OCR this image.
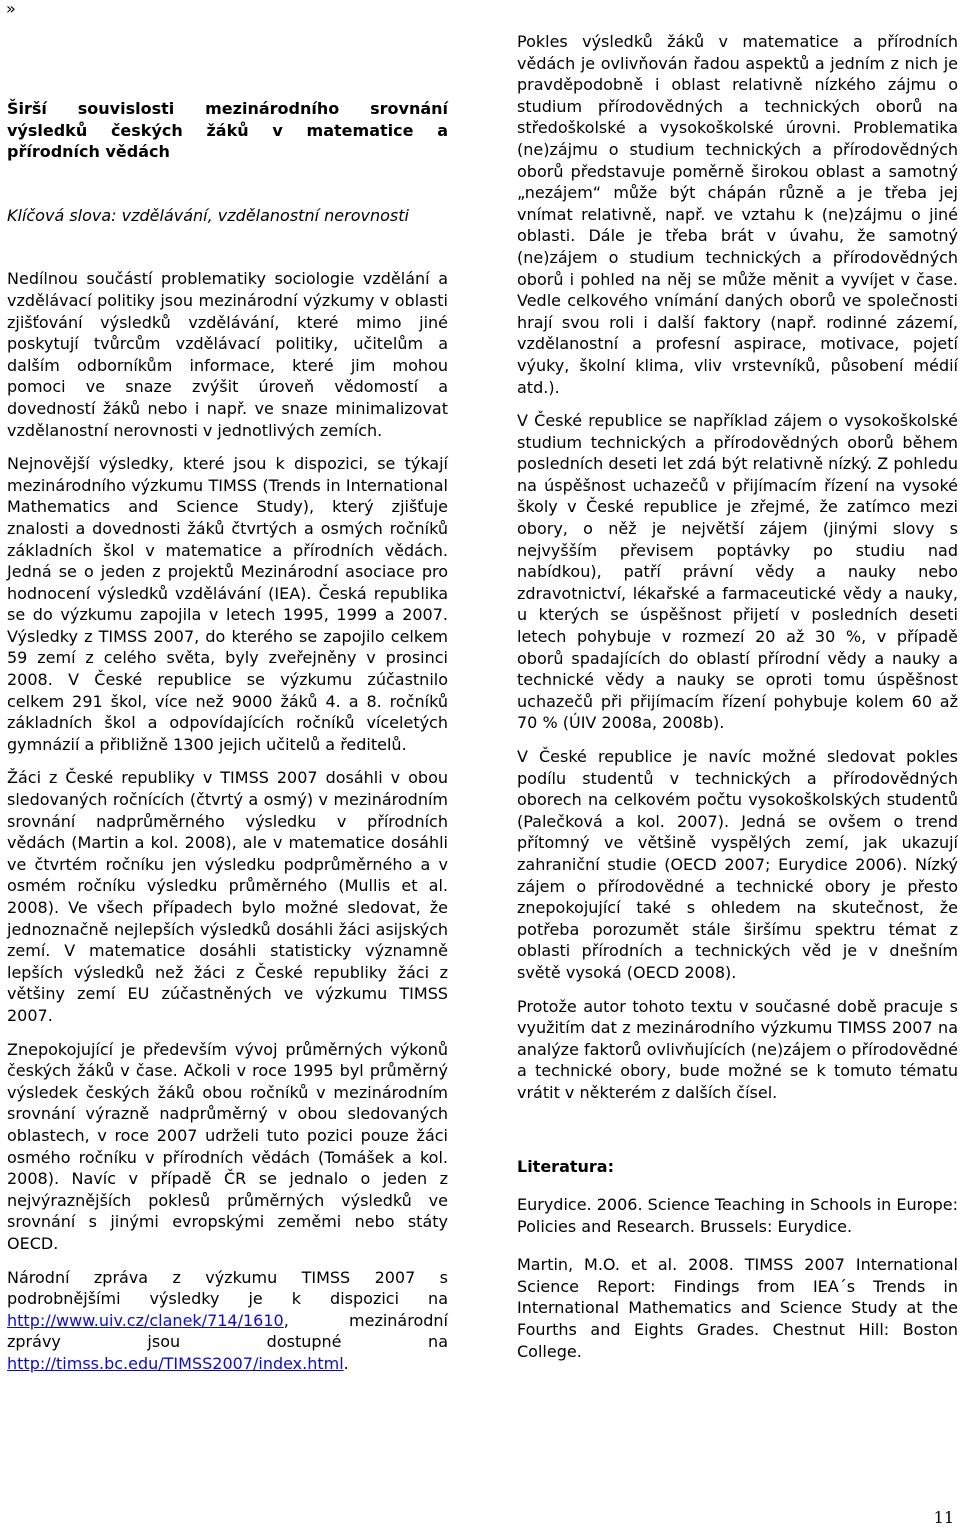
»

Širší souvislosti mezinárodního srovnání výsledků českých žáků v matematice a přírodních vědách

Klíčová slova: vzdělávání, vzdělanostní nerovnosti

Nedílnou součástí problematiky sociologie vzdělání a vzdělávací politiky jsou mezinárodní výzkumy v oblasti zjišťování výsledků vzdělávání, které mimo jiné poskytují tvůrcům vzdělávací politiky, učitelům a dalším odborníkům informace, které jim mohou pomoci ve snaze zvýšit úroveň vědomostí a dovedností žáků nebo i např. ve snaze minimalizovat vzdělanostní nerovnosti v jednotlivých zemích.

Nejnovější výsledky, které jsou k dispozici, se týkají mezinárodního výzkumu TIMSS (Trends in International Mathematics and Science Study), který zjišťuje znalosti a dovednosti žáků čtvrtých a osmých ročníků základních škol v matematice a přírodních vědách. Jedná se o jeden z projektů Mezinárodní asociace pro hodnocení výsledků vzdělávání (IEA). Česká republika se do výzkumu zapojila v letech 1995, 1999 a 2007. Výsledky z TIMSS 2007, do kterého se zapojilo celkem 59 zemí z celého světa, byly zveřejněny v prosinci 2008. V České republice se výzkumu zúčastnilo celkem 291 škol, více než 9000 žáků 4. a 8. ročníků základních škol a odpovídajících ročníků víceletých gymnázií a přibližně 1300 jejich učitelů a ředitelů.

Žáci z České republiky v TIMSS 2007 dosáhli v obou sledovaných ročnících (čtvrtý a osmý) v mezinárodním srovnání nadprůměrného výsledku v přírodních vědách (Martin a kol. 2008), ale v matematice dosáhli ve čtvrtém ročníku jen výsledku podprůměrného a v osmém ročníku výsledku průměrného (Mullis et al. 2008). Ve všech případech bylo možné sledovat, že jednoznačně nejlepších výsledků dosáhli žáci asijských zemí. V matematice dosáhli statisticky významně lepších výsledků než žáci z České republiky žáci z většiny zemí EU zúčastněných ve výzkumu TIMSS 2007.

Znepokojující je především vývoj průměrných výkonů českých žáků v čase. Ačkoli v roce 1995 byl průměrný výsledek českých žáků obou ročníků v mezinárodním srovnání výrazně nadprůměrný v obou sledovaných oblastech, v roce 2007 udrželi tuto pozici pouze žáci osmého ročníku v přírodních vědách (Tomášek a kol. 2008). Navíc v případě ČR se jednalo o jeden z nejvýraznějších poklesů průměrných výsledků ve srovnání s jinými evropskými zeměmi nebo státy OECD.

Národní zpráva z výzkumu TIMSS 2007 s podrobnějšími výsledky je k dispozici na http://www.uiv.cz/clanek/714/1610, mezinárodní zprávy jsou dostupné na http://timss.bc.edu/TIMSS2007/index.html.

Pokles výsledků žáků v matematice a přírodních vědách je ovlivňován řadou aspektů a jedním z nich je pravděpodobně i oblast relativně nízkého zájmu o studium přírodovědných a technických oborů na středoškolské a vysokoškolské úrovni. Problematika (ne)zájmu o studium technických a přírodovědných oborů představuje poměrně širokou oblast a samotný „nezájem“ může být chápán různě a je třeba jej vnímat relativně, např. ve vztahu k (ne)zájmu o jiné oblasti. Dále je třeba brát v úvahu, že samotný (ne)zájem o studium technických a přírodovědných oborů i pohled na něj se může měnit a vyvíjet v čase. Vedle celkového vnímání daných oborů ve společnosti hrají svou roli i další faktory (např. rodinné zázemí, vzdělanostní a profesní aspirace, motivace, pojetí výuky, školní klima, vliv vrstevníků, působení médií atd.).

V České republice se například zájem o vysokoškolské studium technických a přírodovědných oborů během posledních deseti let zdá být relativně nízký. Z pohledu na úspěšnost uchazečů v přijímacím řízení na vysoké školy v České republice je zřejmé, že zatímco mezi obory, o něž je největší zájem (jinými slovy s nejvyšším převisem poptávky po studiu nad nabídkou), patří právní vědy a nauky nebo zdravotnictví, lékařské a farmaceutické vědy a nauky, u kterých se úspěšnost přijetí v posledních deseti letech pohybuje v rozmezí 20 až 30 %, v případě oborů spadajících do oblastí přírodní vědy a nauky a technické vědy a nauky se oproti tomu úspěšnost uchazečů při přijímacím řízení pohybuje kolem 60 až 70 % (ÚIV 2008a, 2008b).

V České republice je navíc možné sledovat pokles podílu studentů v technických a přírodovědných oborech na celkovém počtu vysokoškolských studentů (Palečková a kol. 2007). Jedná se ovšem o trend přítomný ve většině vyspělých zemí, jak ukazují zahraniční studie (OECD 2007; Eurydice 2006). Nízký zájem o přírodovědné a technické obory je přesto znepokojující také s ohledem na skutečnost, že potřeba porozumět stále širšímu spektru témat z oblasti přírodních a technických věd je v dnešním světě vysoká (OECD 2008).

Protože autor tohoto textu v současné době pracuje s využitím dat z mezinárodního výzkumu TIMSS 2007 na analýze faktorů ovlivňujících (ne)zájem o přírodovědné a technické obory, bude možné se k tomuto tématu vrátit v některém z dalších čísel.

Literatura:

Eurydice. 2006. Science Teaching in Schools in Europe: Policies and Research. Brussels: Eurydice.

Martin, M.O. et al. 2008. TIMSS 2007 International Science Report: Findings from IEA´s Trends in International Mathematics and Science Study at the Fourths and Eights Grades. Chestnut Hill: Boston College.

11
